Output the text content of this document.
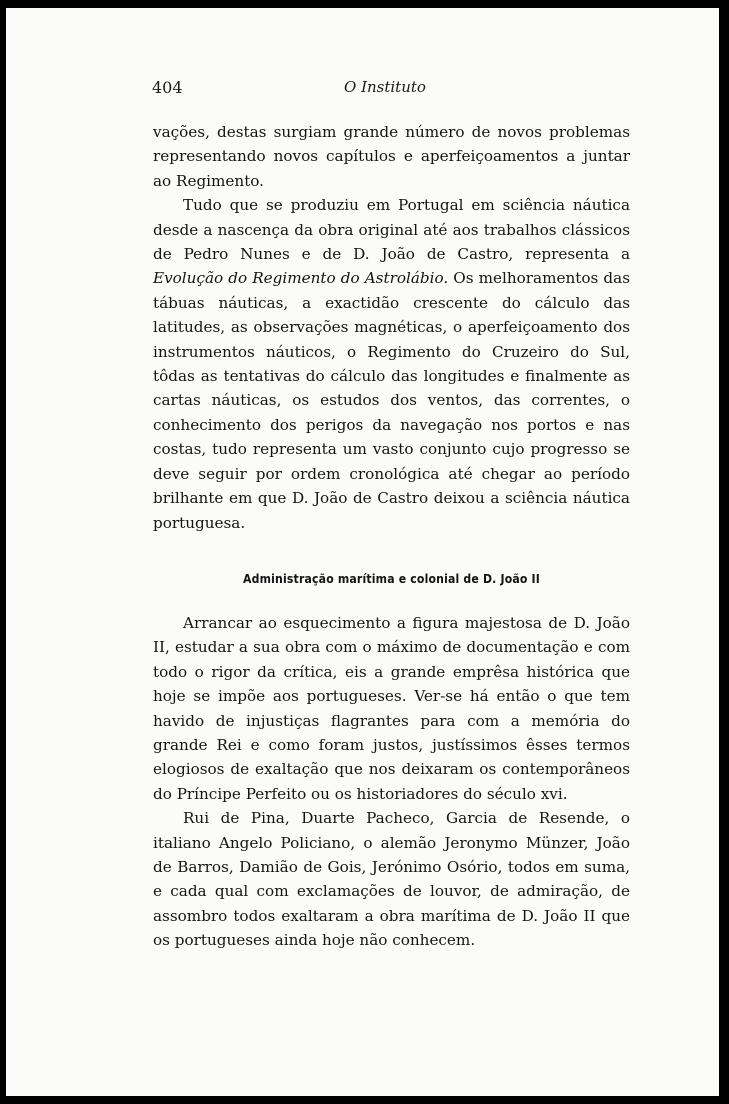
404	O Instituto

vações, destas surgiam grande número de novos problemas representando novos capítulos e aperfeiçoamentos a juntar ao Regimento.

Tudo que se produziu em Portugal em sciência náutica desde a nascença da obra original até aos trabalhos clássicos de Pedro Nunes e de D. João de Castro, representa a Evolução do Regimento do Astrolábio. Os melhoramentos das tábuas náuticas, a exactidão crescente do cálculo das latitudes, as observações magnéticas, o aperfeiçoamento dos instrumentos náuticos, o Regimento do Cruzeiro do Sul, tôdas as tentativas do cálculo das longitudes e finalmente as cartas náuticas, os estudos dos ventos, das correntes, o conhecimento dos perigos da navegação nos portos e nas costas, tudo representa um vasto conjunto cujo progresso se deve seguir por ordem cronológica até chegar ao período brilhante em que D. João de Castro deixou a sciência náutica portuguesa.

Administração marítima e colonial de D. João II

Arrancar ao esquecimento a figura majestosa de D. João II, estudar a sua obra com o máximo de documentação e com todo o rigor da crítica, eis a grande emprêsa histórica que hoje se impõe aos portugueses. Ver-se há então o que tem havido de injustiças flagrantes para com a memória do grande Rei e como foram justos, justíssimos êsses termos elogiosos de exaltação que nos deixaram os contemporâneos do Príncipe Perfeito ou os historiadores do século xvi.

Rui de Pina, Duarte Pacheco, Garcia de Resende, o italiano Angelo Policiano, o alemão Jeronymo Münzer, João de Barros, Damião de Gois, Jerónimo Osório, todos em suma, e cada qual com exclamações de louvor, de admiração, de assombro todos exaltaram a obra marítima de D. João II que os portugueses ainda hoje não conhecem.
